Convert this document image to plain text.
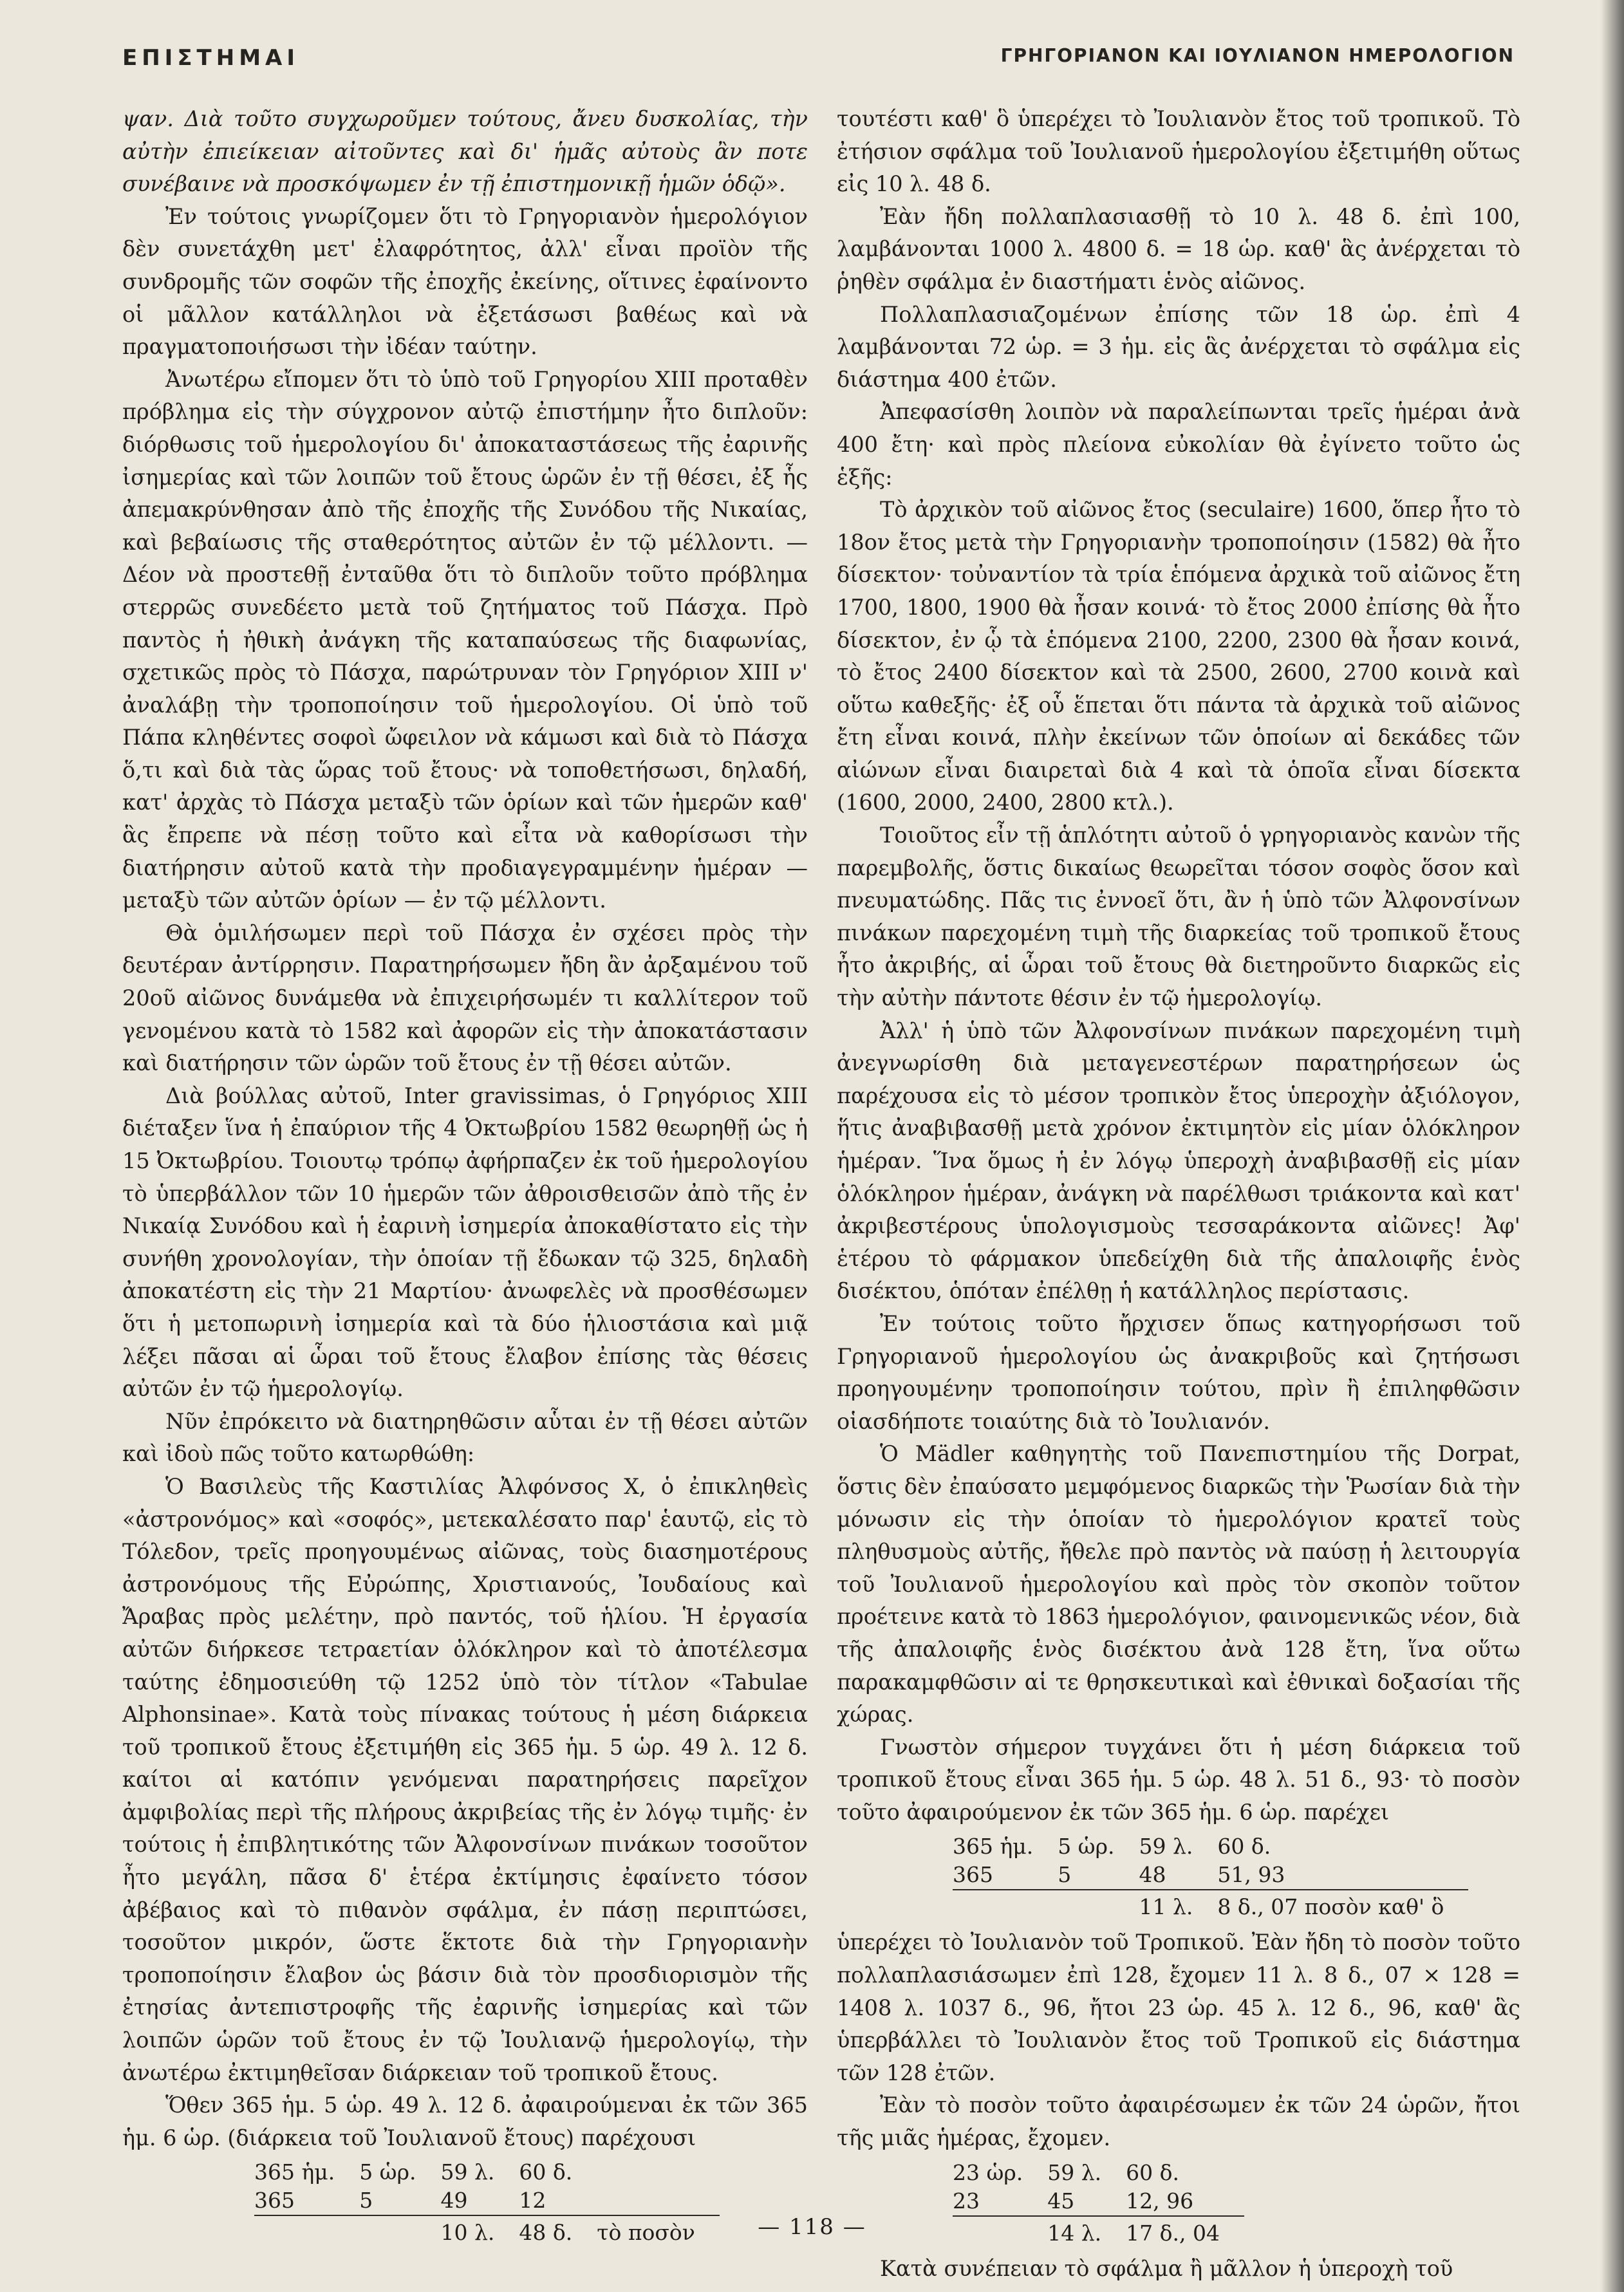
ΕΠΙΣΤΗΜΑΙ	ΓΡΗΓΟΡΙΑΝΟΝ ΚΑΙ ΙΟΥΛΙΑΝΟΝ ΗΜΕΡΟΛΟΓΙΟΝ

ψαν. Διὰ τοῦτο συγχωροῦμεν τούτους, ἄνευ δυσκολίας, τὴν αὐτὴν ἐπιείκειαν αἰτοῦντες καὶ δι' ἡμᾶς αὐτοὺς ἂν ποτε συνέβαινε νὰ προσκόψωμεν ἐν τῇ ἐπιστημονικῇ ἡμῶν ὁδῷ».

Ἐν τούτοις γνωρίζομεν ὅτι τὸ Γρηγοριανὸν ἡμερολόγιον δὲν συνετάχθη μετ' ἐλαφρότητος, ἀλλ' εἶναι προϊὸν τῆς συνδρομῆς τῶν σοφῶν τῆς ἐποχῆς ἐκείνης, οἵτινες ἐφαίνοντο οἱ μᾶλλον κατάλληλοι νὰ ἐξετάσωσι βαθέως καὶ νὰ πραγματοποιήσωσι τὴν ἰδέαν ταύτην.

Ἀνωτέρω εἴπομεν ὅτι τὸ ὑπὸ τοῦ Γρηγορίου XIII προταθὲν πρόβλημα εἰς τὴν σύγχρονον αὐτῷ ἐπιστήμην ἦτο διπλοῦν: διόρθωσις τοῦ ἡμερολογίου δι' ἀποκαταστάσεως τῆς ἐαρινῆς ἰσημερίας καὶ τῶν λοιπῶν τοῦ ἔτους ὡρῶν ἐν τῇ θέσει, ἐξ ἧς ἀπεμακρύνθησαν ἀπὸ τῆς ἐποχῆς τῆς Συνόδου τῆς Νικαίας, καὶ βεβαίωσις τῆς σταθερότητος αὐτῶν ἐν τῷ μέλλοντι. — Δέον νὰ προστεθῇ ἐνταῦθα ὅτι τὸ διπλοῦν τοῦτο πρόβλημα στερρῶς συνεδέετο μετὰ τοῦ ζητήματος τοῦ Πάσχα. Πρὸ παντὸς ἡ ἠθικὴ ἀνάγκη τῆς καταπαύσεως τῆς διαφωνίας, σχετικῶς πρὸς τὸ Πάσχα, παρώτρυναν τὸν Γρηγόριον XIII ν' ἀναλάβῃ τὴν τροποποίησιν τοῦ ἡμερολογίου. Οἱ ὑπὸ τοῦ Πάπα κληθέντες σοφοὶ ὤφειλον νὰ κάμωσι καὶ διὰ τὸ Πάσχα ὅ,τι καὶ διὰ τὰς ὥρας τοῦ ἔτους· νὰ τοποθετήσωσι, δηλαδή, κατ' ἀρχὰς τὸ Πάσχα μεταξὺ τῶν ὁρίων καὶ τῶν ἡμερῶν καθ' ἃς ἔπρεπε νὰ πέσῃ τοῦτο καὶ εἶτα νὰ καθορίσωσι τὴν διατήρησιν αὐτοῦ κατὰ τὴν προδιαγεγραμμένην ἡμέραν — μεταξὺ τῶν αὐτῶν ὁρίων — ἐν τῷ μέλλοντι.

Θὰ ὁμιλήσωμεν περὶ τοῦ Πάσχα ἐν σχέσει πρὸς τὴν δευτέραν ἀντίρρησιν. Παρατηρήσωμεν ἤδη ἂν ἀρξαμένου τοῦ 20οῦ αἰῶνος δυνάμεθα νὰ ἐπιχειρήσωμέν τι καλλίτερον τοῦ γενομένου κατὰ τὸ 1582 καὶ ἀφορῶν εἰς τὴν ἀποκατάστασιν καὶ διατήρησιν τῶν ὡρῶν τοῦ ἔτους ἐν τῇ θέσει αὐτῶν.

Διὰ βούλλας αὐτοῦ, Inter gravissimas, ὁ Γρηγόριος XIII διέταξεν ἵνα ἡ ἐπαύριον τῆς 4 Ὀκτωβρίου 1582 θεωρηθῇ ὡς ἡ 15 Ὀκτωβρίου. Τοιουτῳ τρόπῳ ἀφήρπαζεν ἐκ τοῦ ἡμερολογίου τὸ ὑπερβάλλον τῶν 10 ἡμερῶν τῶν ἀθροισθεισῶν ἀπὸ τῆς ἐν Νικαίᾳ Συνόδου καὶ ἡ ἐαρινὴ ἰσημερία ἀποκαθίστατο εἰς τὴν συνήθη χρονολογίαν, τὴν ὁποίαν τῇ ἔδωκαν τῷ 325, δηλαδὴ ἀποκατέστη εἰς τὴν 21 Μαρτίου· ἀνωφελὲς νὰ προσθέσωμεν ὅτι ἡ μετοπωρινὴ ἰσημερία καὶ τὰ δύο ἡλιοστάσια καὶ μιᾷ λέξει πᾶσαι αἱ ὧραι τοῦ ἔτους ἔλαβον ἐπίσης τὰς θέσεις αὐτῶν ἐν τῷ ἡμερολογίῳ.

Νῦν ἐπρόκειτο νὰ διατηρηθῶσιν αὗται ἐν τῇ θέσει αὐτῶν καὶ ἰδοὺ πῶς τοῦτο κατωρθώθη:

Ὁ Βασιλεὺς τῆς Καστιλίας Ἀλφόνσος X, ὁ ἐπικληθεὶς «ἀστρονόμος» καὶ «σοφός», μετεκαλέσατο παρ' ἑαυτῷ, εἰς τὸ Τόλεδον, τρεῖς προηγουμένως αἰῶνας, τοὺς διασημοτέρους ἀστρονόμους τῆς Εὐρώπης, Χριστιανούς, Ἰουδαίους καὶ Ἄραβας πρὸς μελέτην, πρὸ παντός, τοῦ ἡλίου. Ἡ ἐργασία αὐτῶν διήρκεσε τετραετίαν ὁλόκληρον καὶ τὸ ἀποτέλεσμα ταύτης ἐδημοσιεύθη τῷ 1252 ὑπὸ τὸν τίτλον «Tabulae Alphonsinae». Κατὰ τοὺς πίνακας τούτους ἡ μέση διάρκεια τοῦ τροπικοῦ ἔτους ἐξετιμήθη εἰς 365 ἡμ. 5 ὡρ. 49 λ. 12 δ. καίτοι αἱ κατόπιν γενόμεναι παρατηρήσεις παρεῖχον ἀμφιβολίας περὶ τῆς πλήρους ἀκριβείας τῆς ἐν λόγῳ τιμῆς· ἐν τούτοις ἡ ἐπιβλητικότης τῶν Ἀλφονσίνων πινάκων τοσοῦτον ἦτο μεγάλη, πᾶσα δ' ἑτέρα ἐκτίμησις ἐφαίνετο τόσον ἀβέβαιος καὶ τὸ πιθανὸν σφάλμα, ἐν πάσῃ περιπτώσει, τοσοῦτον μικρόν, ὥστε ἕκτοτε διὰ τὴν Γρηγοριανὴν τροποποίησιν ἔλαβον ὡς βάσιν διὰ τὸν προσδιορισμὸν τῆς ἐτησίας ἀντεπιστροφῆς τῆς ἐαρινῆς ἰσημερίας καὶ τῶν λοιπῶν ὡρῶν τοῦ ἔτους ἐν τῷ Ἰουλιανῷ ἡμερολογίῳ, τὴν ἀνωτέρω ἐκτιμηθεῖσαν διάρκειαν τοῦ τροπικοῦ ἔτους.

Ὅθεν 365 ἡμ. 5 ὡρ. 49 λ. 12 δ. ἀφαιρούμεναι ἐκ τῶν 365 ἡμ. 6 ὡρ. (διάρκεια τοῦ Ἰουλιανοῦ ἔτους) παρέχουσι

365 ἡμ.	5 ὡρ.	59 λ.	60 δ.	
365	5	49	12	
		10 λ.	48 δ.	τὸ ποσὸν

τουτέστι καθ' ὃ ὑπερέχει τὸ Ἰουλιανὸν ἔτος τοῦ τροπικοῦ. Τὸ ἐτήσιον σφάλμα τοῦ Ἰουλιανοῦ ἡμερολογίου ἐξετιμήθη οὕτως εἰς 10 λ. 48 δ.

Ἐὰν ἤδη πολλαπλασιασθῇ τὸ 10 λ. 48 δ. ἐπὶ 100, λαμβάνονται 1000 λ. 4800 δ. = 18 ὡρ. καθ' ἃς ἀνέρχεται τὸ ῥηθὲν σφάλμα ἐν διαστήματι ἑνὸς αἰῶνος.

Πολλαπλασιαζομένων ἐπίσης τῶν 18 ὡρ. ἐπὶ 4 λαμβάνονται 72 ὡρ. = 3 ἡμ. εἰς ἃς ἀνέρχεται τὸ σφάλμα εἰς διάστημα 400 ἐτῶν.

Ἀπεφασίσθη λοιπὸν νὰ παραλείπωνται τρεῖς ἡμέραι ἀνὰ 400 ἔτη· καὶ πρὸς πλείονα εὐκολίαν θὰ ἐγίνετο τοῦτο ὡς ἑξῆς:

Τὸ ἀρχικὸν τοῦ αἰῶνος ἔτος (seculaire) 1600, ὅπερ ἦτο τὸ 18ον ἔτος μετὰ τὴν Γρηγοριανὴν τροποποίησιν (1582) θὰ ἦτο δίσεκτον· τοὐναντίον τὰ τρία ἑπόμενα ἀρχικὰ τοῦ αἰῶνος ἔτη 1700, 1800, 1900 θὰ ἦσαν κοινά· τὸ ἔτος 2000 ἐπίσης θὰ ἦτο δίσεκτον, ἐν ᾧ τὰ ἑπόμενα 2100, 2200, 2300 θὰ ἦσαν κοινά, τὸ ἔτος 2400 δίσεκτον καὶ τὰ 2500, 2600, 2700 κοινὰ καὶ οὕτω καθεξῆς· ἐξ οὗ ἕπεται ὅτι πάντα τὰ ἀρχικὰ τοῦ αἰῶνος ἔτη εἶναι κοινά, πλὴν ἐκείνων τῶν ὁποίων αἱ δεκάδες τῶν αἰώνων εἶναι διαιρεταὶ διὰ 4 καὶ τὰ ὁποῖα εἶναι δίσεκτα (1600, 2000, 2400, 2800 κτλ.).

Τοιοῦτος εἶν τῇ ἁπλότητι αὐτοῦ ὁ γρηγοριανὸς κανὼν τῆς παρεμβολῆς, ὅστις δικαίως θεωρεῖται τόσον σοφὸς ὅσον καὶ πνευματώδης. Πᾶς τις ἐννοεῖ ὅτι, ἂν ἡ ὑπὸ τῶν Ἀλφονσίνων πινάκων παρεχομένη τιμὴ τῆς διαρκείας τοῦ τροπικοῦ ἔτους ἦτο ἀκριβής, αἱ ὧραι τοῦ ἔτους θὰ διετηροῦντο διαρκῶς εἰς τὴν αὐτὴν πάντοτε θέσιν ἐν τῷ ἡμερολογίῳ.

Ἀλλ' ἡ ὑπὸ τῶν Ἀλφονσίνων πινάκων παρεχομένη τιμὴ ἀνεγνωρίσθη διὰ μεταγενεστέρων παρατηρήσεων ὡς παρέχουσα εἰς τὸ μέσον τροπικὸν ἔτος ὑπεροχὴν ἀξιόλογον, ἥτις ἀναβιβασθῇ μετὰ χρόνον ἐκτιμητὸν εἰς μίαν ὁλόκληρον ἡμέραν. Ἵνα ὅμως ἡ ἐν λόγῳ ὑπεροχὴ ἀναβιβασθῇ εἰς μίαν ὁλόκληρον ἡμέραν, ἀνάγκη νὰ παρέλθωσι τριάκοντα καὶ κατ' ἀκριβεστέρους ὑπολογισμοὺς τεσσαράκοντα αἰῶνες! Ἀφ' ἑτέρου τὸ φάρμακον ὑπεδείχθη διὰ τῆς ἀπαλοιφῆς ἑνὸς δισέκτου, ὁπόταν ἐπέλθῃ ἡ κατάλληλος περίστασις.

Ἐν τούτοις τοῦτο ἤρχισεν ὅπως κατηγορήσωσι τοῦ Γρηγοριανοῦ ἡμερολογίου ὡς ἀνακριβοῦς καὶ ζητήσωσι προηγουμένην τροποποίησιν τούτου, πρὶν ἢ ἐπιληφθῶσιν οἱασδήποτε τοιαύτης διὰ τὸ Ἰουλιανόν.

Ὁ Mädler καθηγητὴς τοῦ Πανεπιστημίου τῆς Dorpat, ὅστις δὲν ἐπαύσατο μεμφόμενος διαρκῶς τὴν Ῥωσίαν διὰ τὴν μόνωσιν εἰς τὴν ὁποίαν τὸ ἡμερολόγιον κρατεῖ τοὺς πληθυσμοὺς αὐτῆς, ἤθελε πρὸ παντὸς νὰ παύσῃ ἡ λειτουργία τοῦ Ἰουλιανοῦ ἡμερολογίου καὶ πρὸς τὸν σκοπὸν τοῦτον προέτεινε κατὰ τὸ 1863 ἡμερολόγιον, φαινομενικῶς νέον, διὰ τῆς ἀπαλοιφῆς ἑνὸς δισέκτου ἀνὰ 128 ἔτη, ἵνα οὕτω παρακαμφθῶσιν αἱ τε θρησκευτικαὶ καὶ ἐθνικαὶ δοξασίαι τῆς χώρας.

Γνωστὸν σήμερον τυγχάνει ὅτι ἡ μέση διάρκεια τοῦ τροπικοῦ ἔτους εἶναι 365 ἡμ. 5 ὡρ. 48 λ. 51 δ., 93· τὸ ποσὸν τοῦτο ἀφαιρούμενον ἐκ τῶν 365 ἡμ. 6 ὡρ. παρέχει

365 ἡμ.	5 ὡρ.	59 λ.	60 δ.
365	5	48	51, 93
		11 λ.	8 δ., 07 ποσὸν καθ' ὃ

ὑπερέχει τὸ Ἰουλιανὸν τοῦ Τροπικοῦ. Ἐὰν ἤδη τὸ ποσὸν τοῦτο πολλαπλασιάσωμεν ἐπὶ 128, ἔχομεν 11 λ. 8 δ., 07 × 128 = 1408 λ. 1037 δ., 96, ἤτοι 23 ὡρ. 45 λ. 12 δ., 96, καθ' ἃς ὑπερβάλλει τὸ Ἰουλιανὸν ἔτος τοῦ Τροπικοῦ εἰς διάστημα τῶν 128 ἐτῶν.

Ἐὰν τὸ ποσὸν τοῦτο ἀφαιρέσωμεν ἐκ τῶν 24 ὡρῶν, ἤτοι τῆς μιᾶς ἡμέρας, ἔχομεν.

23 ὡρ.	59 λ.	60 δ.
23	45	12, 96
	14 λ.	17 δ., 04

Κατὰ συνέπειαν τὸ σφάλμα ἢ μᾶλλον ἡ ὑπεροχὴ τοῦ

— 118 —
